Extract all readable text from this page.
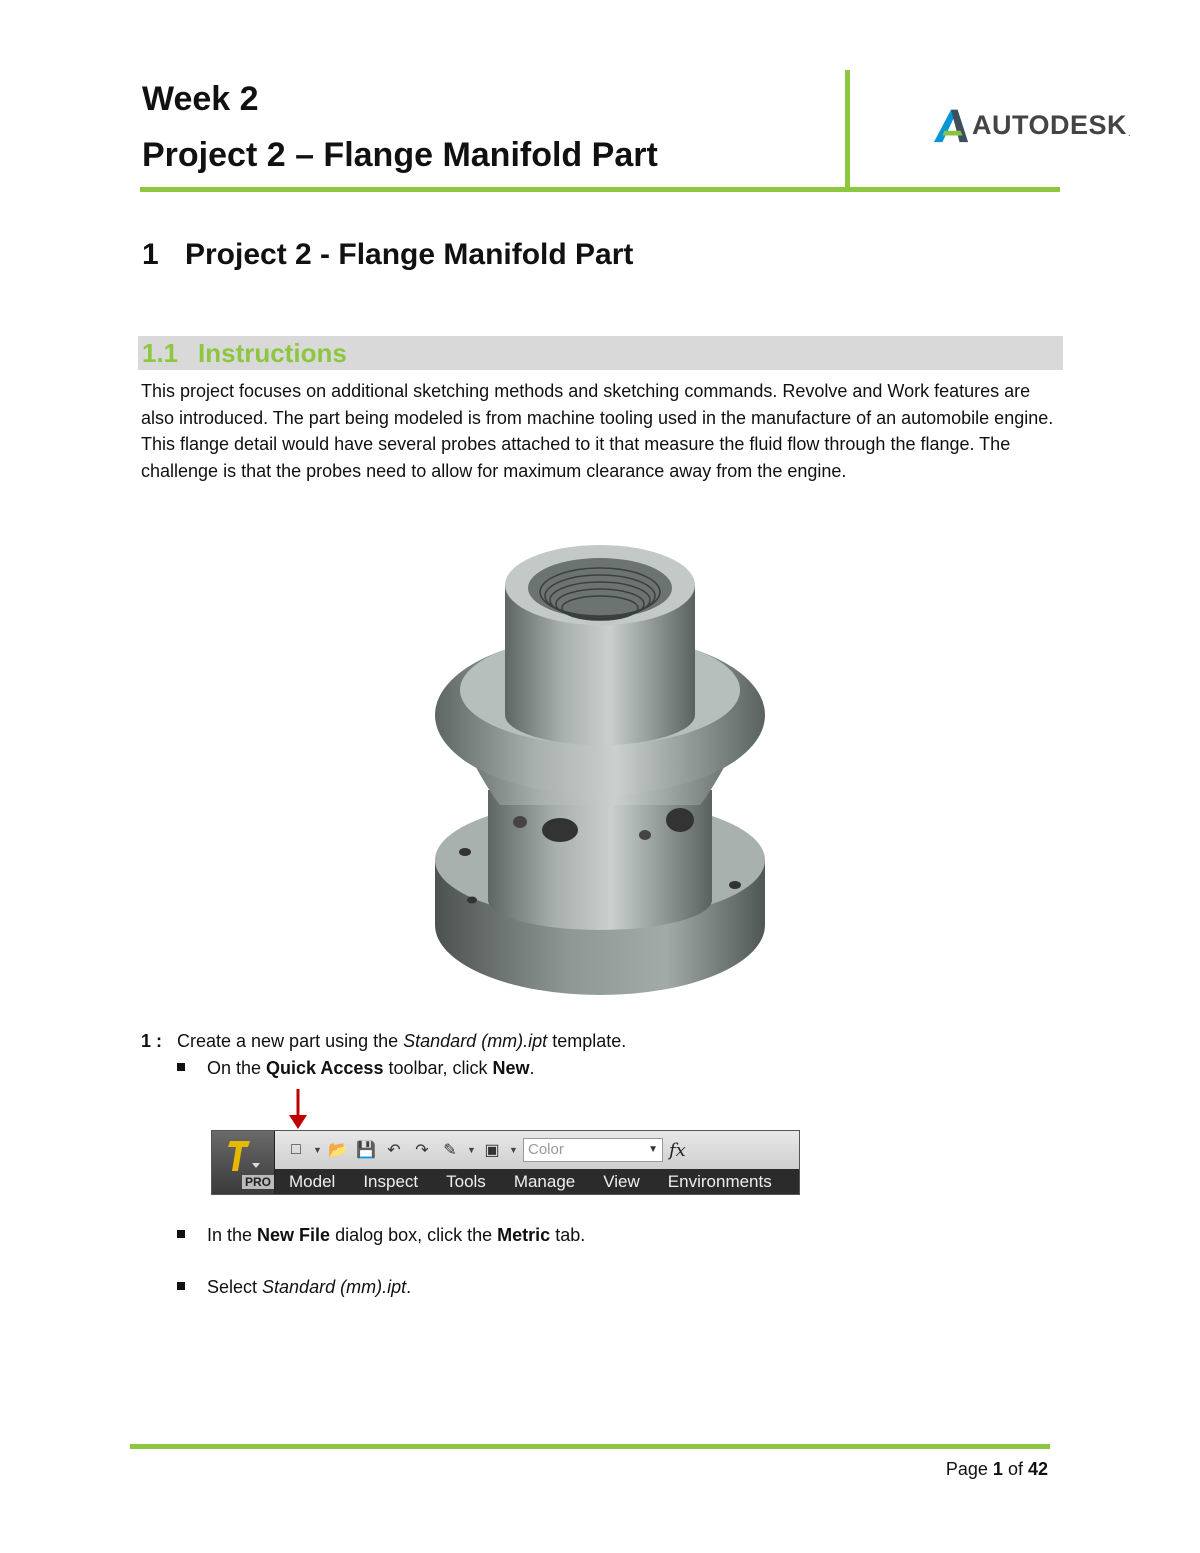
Week 2
Project 2 – Flange Manifold Part
AUTODESK .
1 Project 2 - Flange Manifold Part
1.1 Instructions
This project focuses on additional sketching methods and sketching commands. Revolve and Work features are also introduced. The part being modeled is from machine tooling used in the manufacture of an automobile engine. This flange detail would have several probes attached to it that measure the fluid flow through the flange. The challenge is that the probes need to allow for maximum clearance away from the engine.
1 : Create a new part using the Standard (mm).ipt template.
On the Quick Access toolbar, click New.
PRO
□	▼ 📂 💾 ↶ ↷ ✎	▼ ▣	▼ Color	▼ fx
Model	Inspect	Tools	Manage	View	Environments
In the New File dialog box, click the Metric tab.
Select Standard (mm).ipt.
Page 1 of 42
